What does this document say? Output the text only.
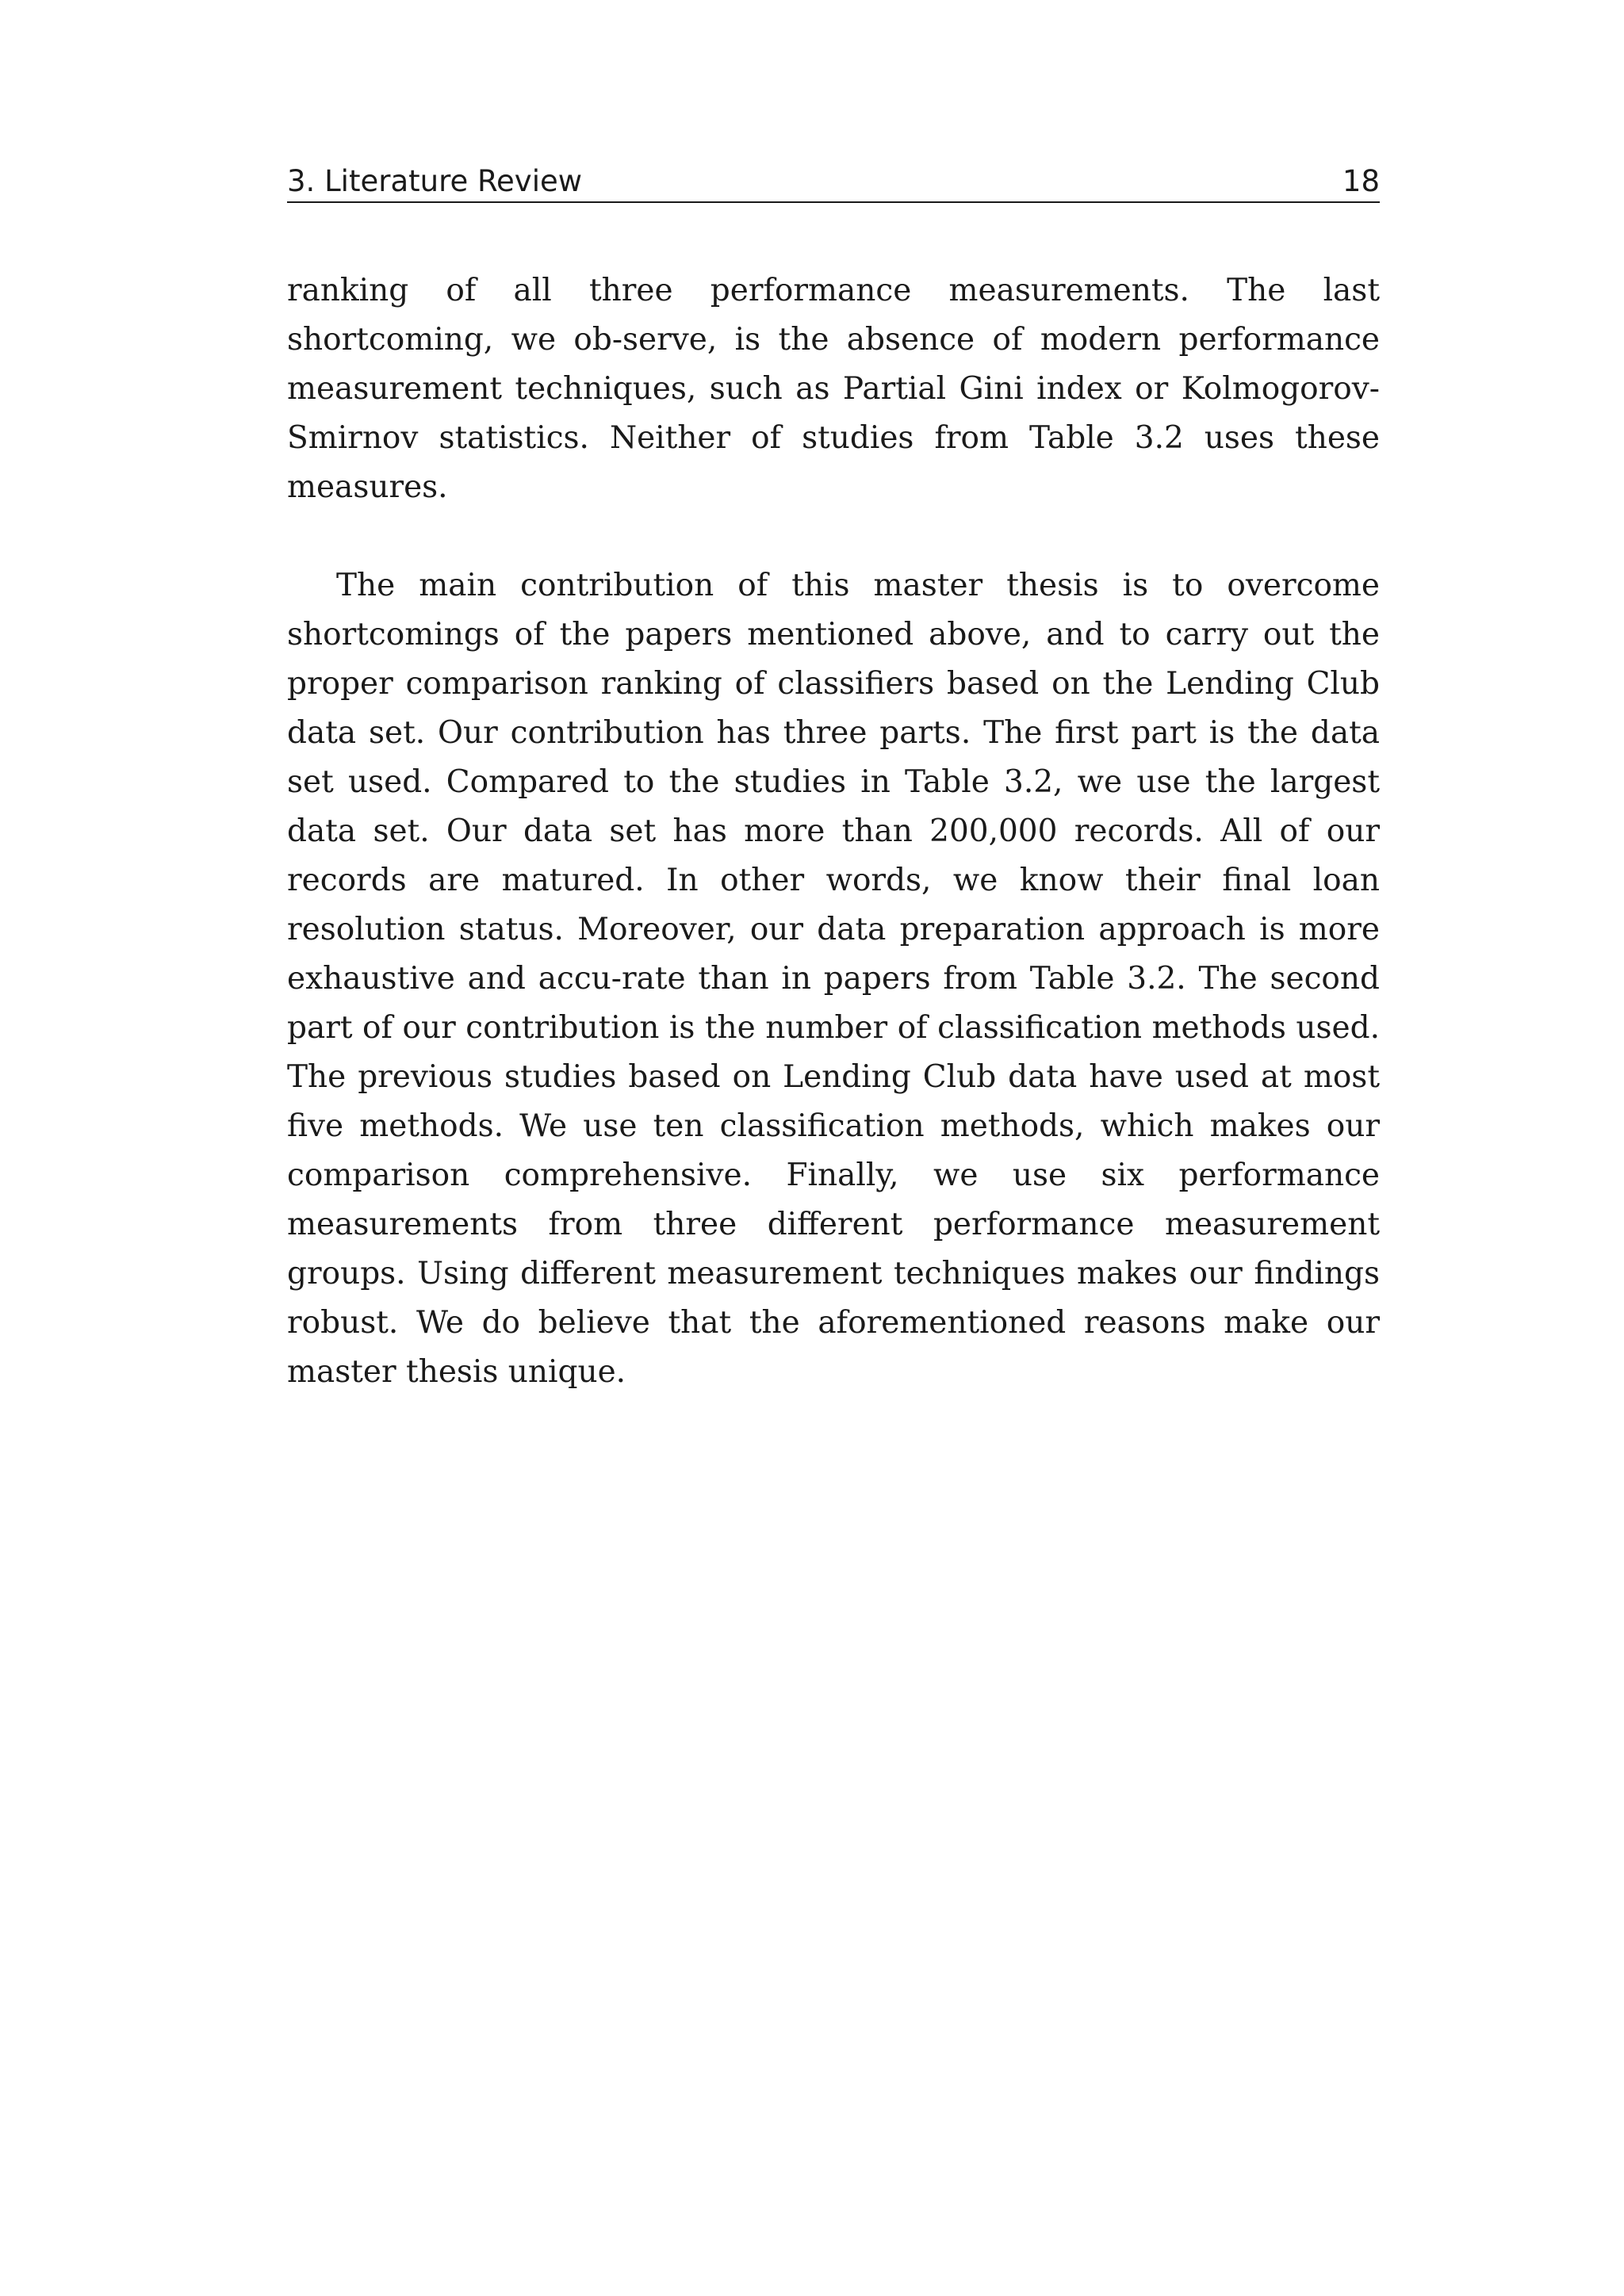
3. Literature Review	18

ranking of all three performance measurements. The last shortcoming, we ob-serve, is the absence of modern performance measurement techniques, such as Partial Gini index or Kolmogorov-Smirnov statistics. Neither of studies from Table 3.2 uses these measures.

The main contribution of this master thesis is to overcome shortcomings of the papers mentioned above, and to carry out the proper comparison ranking of classifiers based on the Lending Club data set. Our contribution has three parts. The first part is the data set used. Compared to the studies in Table 3.2, we use the largest data set. Our data set has more than 200,000 records. All of our records are matured. In other words, we know their final loan resolution status. Moreover, our data preparation approach is more exhaustive and accu-rate than in papers from Table 3.2. The second part of our contribution is the number of classification methods used. The previous studies based on Lending Club data have used at most five methods. We use ten classification methods, which makes our comparison comprehensive. Finally, we use six performance measurements from three different performance measurement groups. Using different measurement techniques makes our findings robust. We do believe that the aforementioned reasons make our master thesis unique.
